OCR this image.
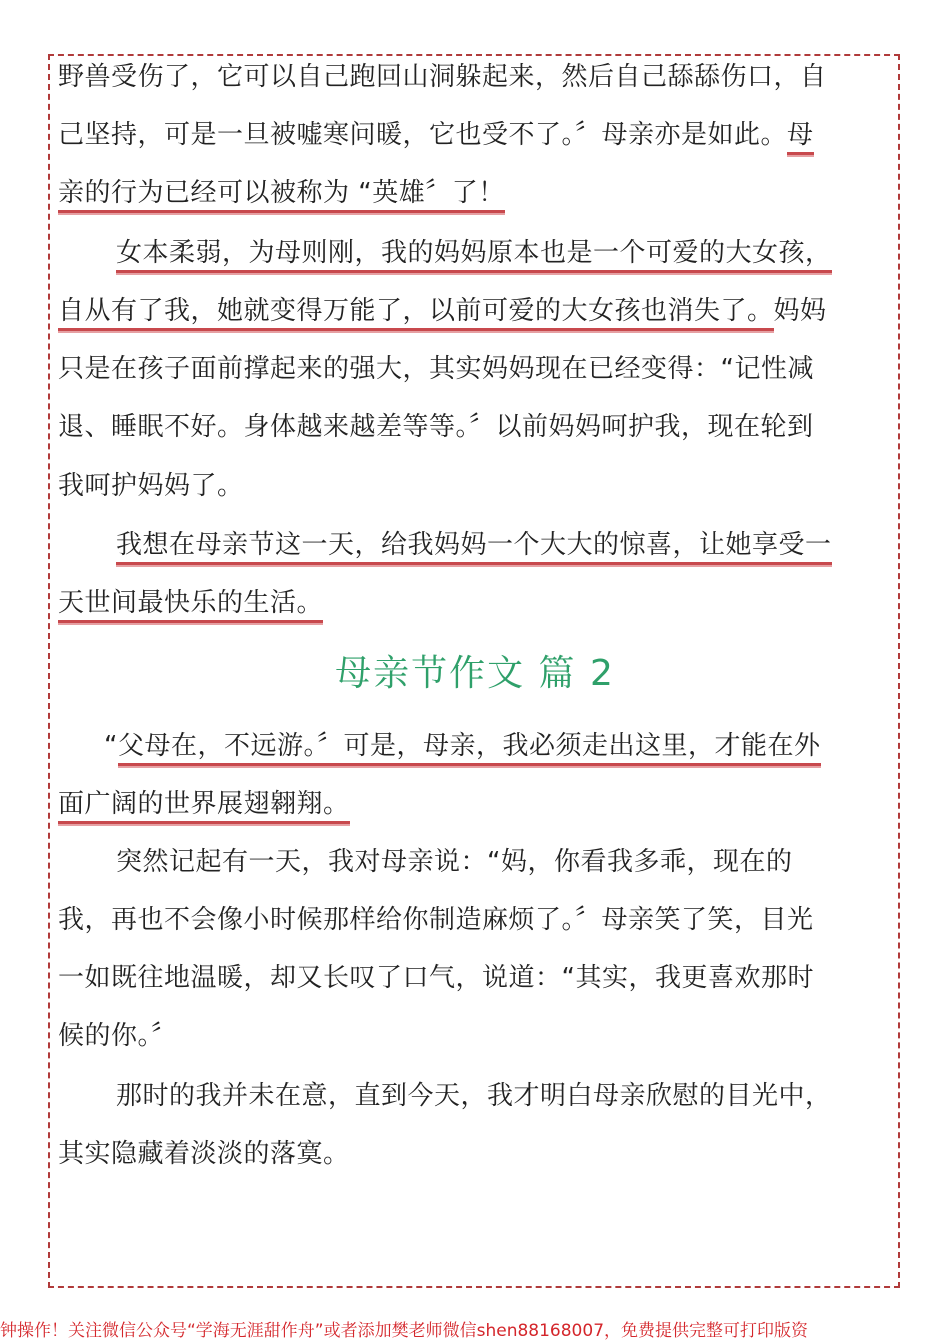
野兽受伤了，它可以自己跑回山洞躲起来，然后自己舔舔伤口，自
己坚持，可是一旦被嘘寒问暖，它也受不了。〞母亲亦是如此。母
亲的行为已经可以被称为 “英雄〞了！
女本柔弱，为母则刚，我的妈妈原本也是一个可爱的大女孩，
自从有了我，她就变得万能了，以前可爱的大女孩也消失了。妈妈
只是在孩子面前撑起来的强大，其实妈妈现在已经变得：“记性减
退、睡眠不好。身体越来越差等等。〞以前妈妈呵护我，现在轮到
我呵护妈妈了。
我想在母亲节这一天，给我妈妈一个大大的惊喜，让她享受一
天世间最快乐的生活。
母亲节作文 篇 2
“父母在，不远游。〞可是，母亲，我必须走出这里，才能在外
面广阔的世界展翅翱翔。
突然记起有一天，我对母亲说：“妈，你看我多乖，现在的
我，再也不会像小时候那样给你制造麻烦了。〞母亲笑了笑，目光
一如既往地温暖，却又长叹了口气，说道：“其实，我更喜欢那时
候的你。〞
那时的我并未在意，直到今天，我才明白母亲欣慰的目光中，
其实隐藏着淡淡的落寞。
钟操作！关注微信公众号“学海无涯甜作舟”或者添加樊老师微信shen88168007，免费提供完整可打印版资
